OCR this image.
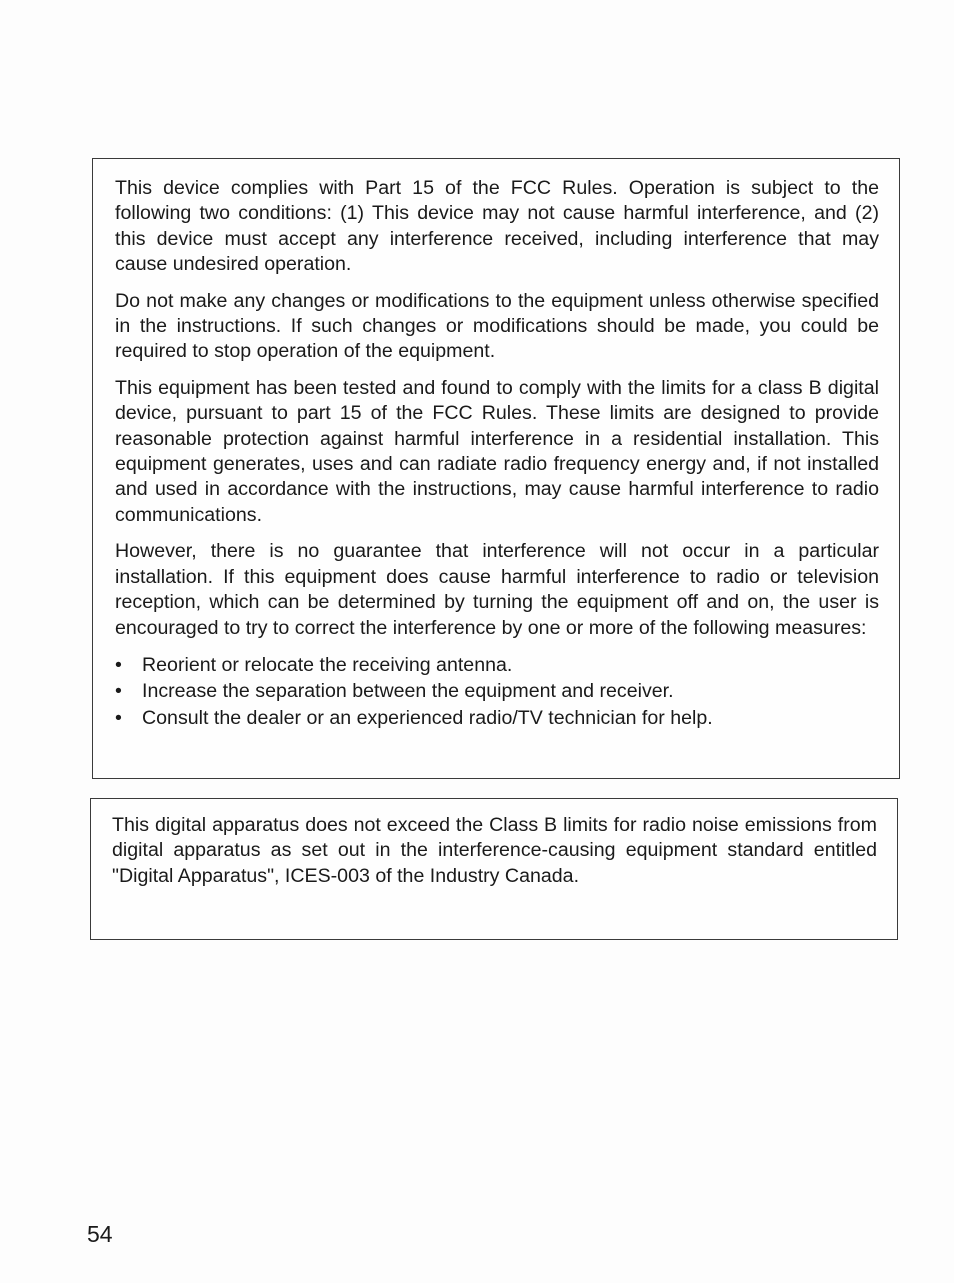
This device complies with Part 15 of the FCC Rules. Operation is subject to the following two conditions: (1) This device may not cause harmful interference, and (2) this device must accept any interference received, including interference that may cause undesired operation.

Do not make any changes or modifications to the equipment unless otherwise specified in the instructions. If such changes or modifications should be made, you could be required to stop operation of the equipment.

This equipment has been tested and found to comply with the limits for a class B digital device, pursuant to part 15 of the FCC Rules. These limits are designed to provide reasonable protection against harmful interference in a residential installation. This equipment generates, uses and can radiate radio frequency energy and, if not installed and used in accordance with the instructions, may cause harmful interference to radio communications.

However, there is no guarantee that interference will not occur in a particular installation. If this equipment does cause harmful interference to radio or television reception, which can be determined by turning the equipment off and on, the user is encouraged to try to correct the interference by one or more of the following measures:

• Reorient or relocate the receiving antenna.
• Increase the separation between the equipment and receiver.
• Consult the dealer or an experienced radio/TV technician for help.

This digital apparatus does not exceed the Class B limits for radio noise emissions from digital apparatus as set out in the interference-causing equipment standard entitled "Digital Apparatus", ICES-003 of the Industry Canada.

54
